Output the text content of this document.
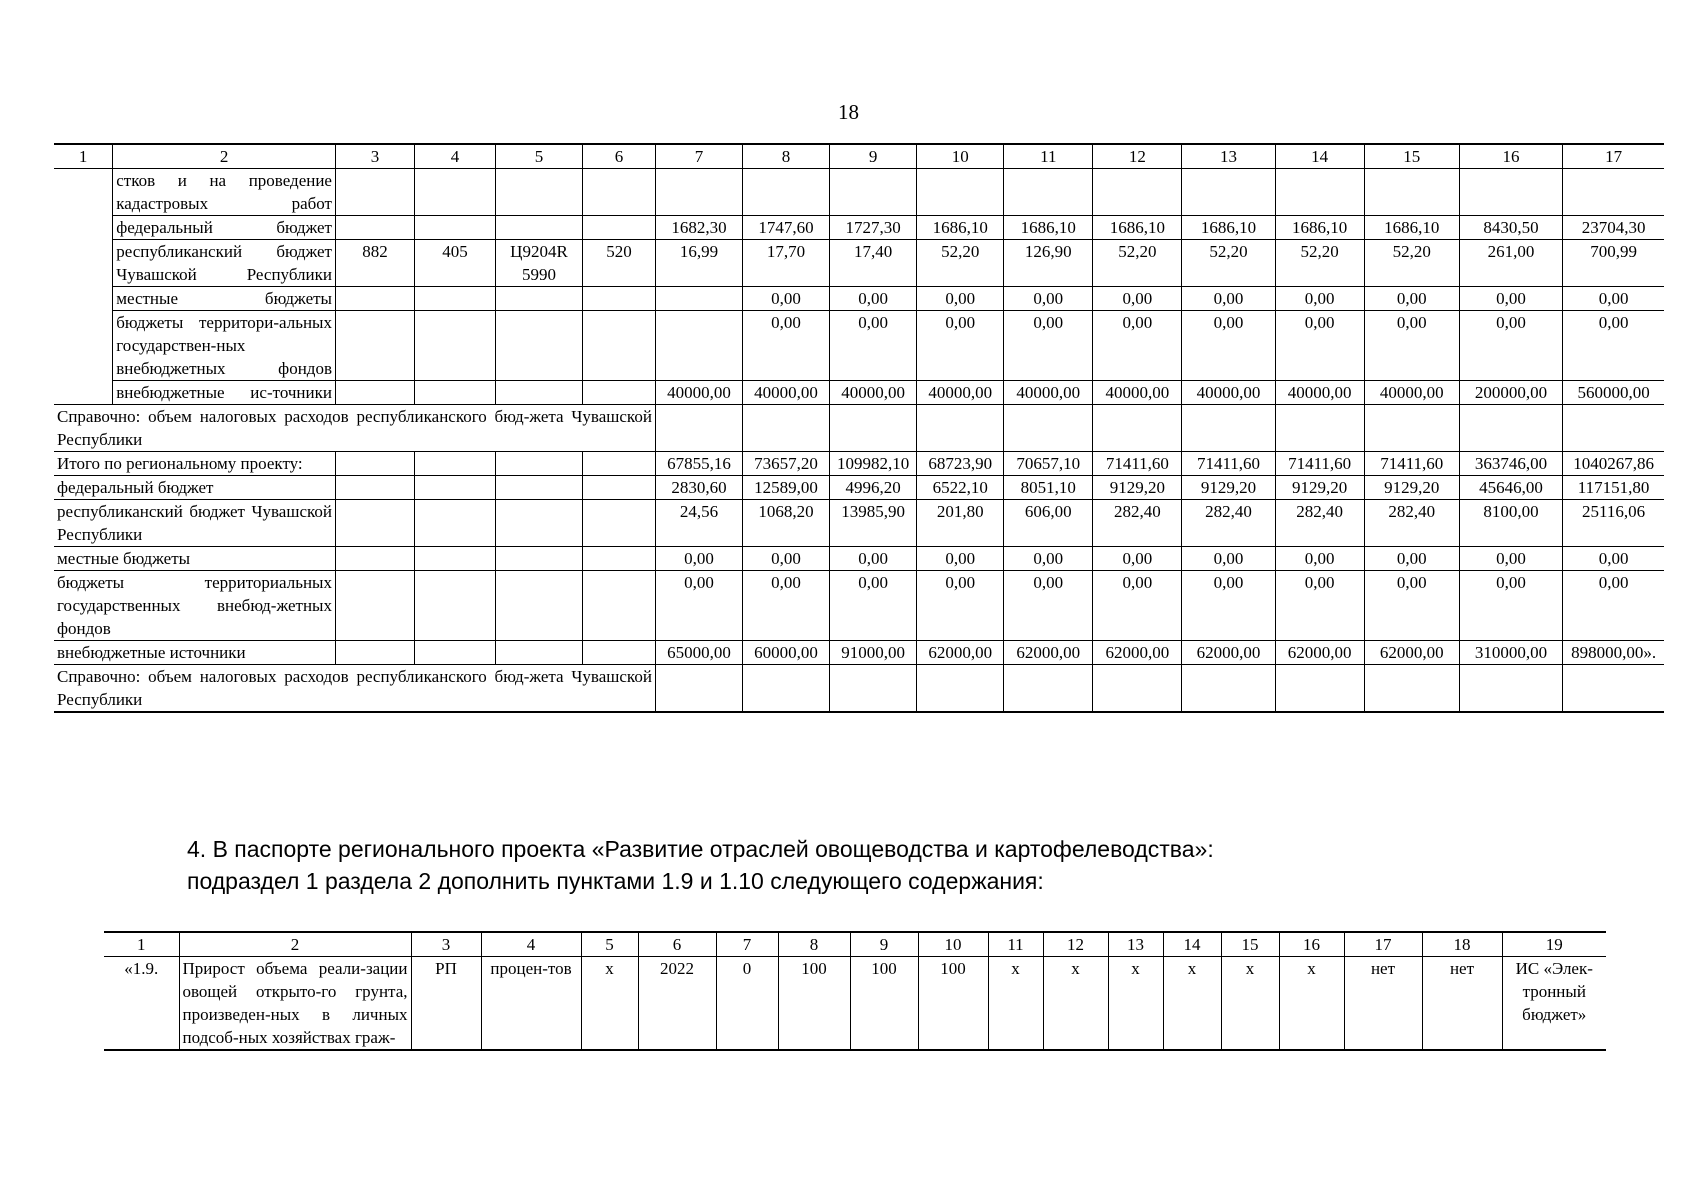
18
1	2	3	4	5	6	7	8	9	10	11	12	13	14	15	16	17
	стков и на проведение кадастровых работ															
	федеральный бюджет					1682,30	1747,60	1727,30	1686,10	1686,10	1686,10	1686,10	1686,10	1686,10	8430,50	23704,30
	республиканский бюджет Чувашской Республики	882	405	Ц9204R 5990	520	16,99	17,70	17,40	52,20	126,90	52,20	52,20	52,20	52,20	261,00	700,99
	местные бюджеты						0,00	0,00	0,00	0,00	0,00	0,00	0,00	0,00	0,00	0,00
	бюджеты территори-альных государствен-ных внебюджетных фондов						0,00	0,00	0,00	0,00	0,00	0,00	0,00	0,00	0,00	0,00
	внебюджетные ис-точники					40000,00	40000,00	40000,00	40000,00	40000,00	40000,00	40000,00	40000,00	40000,00	200000,00	560000,00
Справочно: объем налоговых расходов республиканского бюд-жета Чувашской Республики																
Итого по региональному проекту:						67855,16	73657,20	109982,10	68723,90	70657,10	71411,60	71411,60	71411,60	71411,60	363746,00	1040267,86
федеральный бюджет						2830,60	12589,00	4996,20	6522,10	8051,10	9129,20	9129,20	9129,20	9129,20	45646,00	117151,80
республиканский бюджет Чувашской Республики						24,56	1068,20	13985,90	201,80	606,00	282,40	282,40	282,40	282,40	8100,00	25116,06
местные бюджеты						0,00	0,00	0,00	0,00	0,00	0,00	0,00	0,00	0,00	0,00	0,00
бюджеты территориальных государственных внебюд-жетных фондов						0,00	0,00	0,00	0,00	0,00	0,00	0,00	0,00	0,00	0,00	0,00
внебюджетные источники						65000,00	60000,00	91000,00	62000,00	62000,00	62000,00	62000,00	62000,00	62000,00	310000,00	898000,00».
Справочно: объем налоговых расходов республиканского бюд-жета Чувашской Республики																
4. В паспорте регионального проекта «Развитие отраслей овощеводства и картофелеводства»:
подраздел 1 раздела 2 дополнить пунктами 1.9 и 1.10 следующего содержания:
1	2	3	4	5	6	7	8	9	10	11	12	13	14	15	16	17	18	19
«1.9.	Прирост объема реали-зации овощей открыто-го грунта, произведен-ных в личных подсоб-ных хозяйствах граж-	РП	процен-тов	х	2022	0	100	100	100	х	х	х	х	х	х	нет	нет	ИС «Элек-тронный бюджет»
